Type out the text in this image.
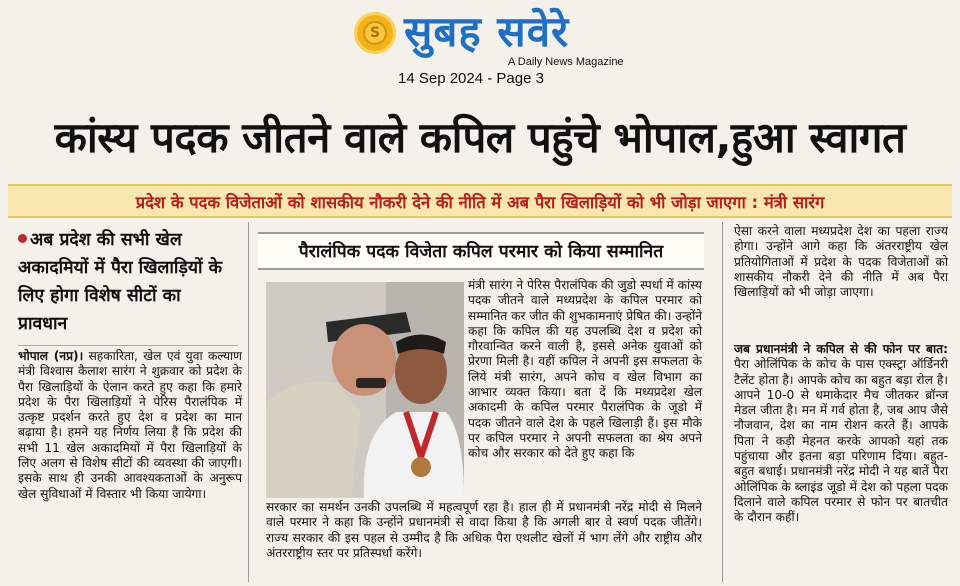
S सुबह सवेरे
A Daily News Magazine
14 Sep 2024 - Page 3
कांस्य पदक जीतने वाले कपिल पहुंचे भोपाल,हुआ स्वागत
प्रदेश के पदक विजेताओं को शासकीय नौकरी देने की नीति में अब पैरा खिलाड़ियों को भी जोड़ा जाएगा : मंत्री सारंग
अब प्रदेश की सभी खेल अकादमियों में पैरा खिलाड़ियों के लिए होगा विशेष सीटों का प्रावधान
भोपाल (नप्र)। सहकारिता, खेल एवं युवा कल्याण मंत्री विश्वास कैलाश सारंग ने शुक्रवार को प्रदेश के पैरा खिलाड़ियों के ऐलान करते हुए कहा कि हमारे प्रदेश के पैरा खिलाड़ियों ने पेरिस पैरालंपिक में उत्कृष्ट प्रदर्शन करते हुए देश व प्रदेश का मान बढ़ाया है। हमने यह निर्णय लिया है कि प्रदेश की सभी 11 खेल अकादमियों में पैरा खिलाड़ियों के लिए अलग से विशेष सीटों की व्यवस्था की जाएगी। इसके साथ ही उनकी आवश्यकताओं के अनुरूप खेल सुविधाओं में विस्तार भी किया जायेगा।
पैरालंपिक पदक विजेता कपिल परमार को किया सम्मानित
मंत्री सारंग ने पेरिस पैरालंपिक की जुडो स्पर्धा में कांस्य पदक जीतने वाले मध्यप्रदेश के कपिल परमार को सम्मानित कर जीत की शुभकामनाएं प्रेषित की। उन्होंने कहा कि कपिल की यह उपलब्धि देश व प्रदेश को गौरवान्वित करने वाली है, इससे अनेक युवाओं को प्रेरणा मिली है। वहीं कपिल ने अपनी इस सफलता के लिये मंत्री सारंग, अपने कोच व खेल विभाग का आभार व्यक्त किया। बता दें कि मध्यप्रदेश खेल अकादमी के कपिल परमार पैरालंपिक के जूडो में पदक जीतने वाले देश के पहले खिलाड़ी हैं। इस मौके पर कपिल परमार ने अपनी सफलता का श्रेय अपने कोच और सरकार को देते हुए कहा कि
सरकार का समर्थन उनकी उपलब्धि में महत्वपूर्ण रहा है। हाल ही में प्रधानमंत्री नरेंद्र मोदी से मिलने वाले परमार ने कहा कि उन्होंने प्रधानमंत्री से वादा किया है कि अगली बार वे स्वर्ण पदक जीतेंगे। राज्य सरकार की इस पहल से उम्मीद है कि अधिक पैरा एथलीट खेलों में भाग लेंगे और राष्ट्रीय और अंतरराष्ट्रीय स्तर पर प्रतिस्पर्धा करेंगे।
ऐसा करने वाला मध्यप्रदेश देश का पहला राज्य होगा। उन्होंने आगे कहा कि अंतरराष्ट्रीय खेल प्रतियोगिताओं में प्रदेश के पदक विजेताओं को शासकीय नौकरी देने की नीति में अब पैरा खिलाड़ियों को भी जोड़ा जाएगा।
जब प्रधानमंत्री ने कपिल से की फोन पर बात: पैरा ओलिंपिक के कोच के पास एक्स्ट्रा ऑर्डिनरी टैलेंट होता है। आपके कोच का बहुत बड़ा रोल है। आपने 10-0 से धमाकेदार मैच जीतकर ब्रॉन्ज मेडल जीता है। मन में गर्व होता है, जब आप जैसे नौजवान, देश का नाम रोशन करते हैं। आपके पिता ने कड़ी मेहनत करके आपको यहां तक पहुंचाया और इतना बड़ा परिणाम दिया। बहुत-बहुत बधाई। प्रधानमंत्री नरेंद्र मोदी ने यह बातें पैरा ओलिंपिक के ब्लाइंड जूडो में देश को पहला पदक दिलाने वाले कपिल परमार से फोन पर बातचीत के दौरान कहीं।
